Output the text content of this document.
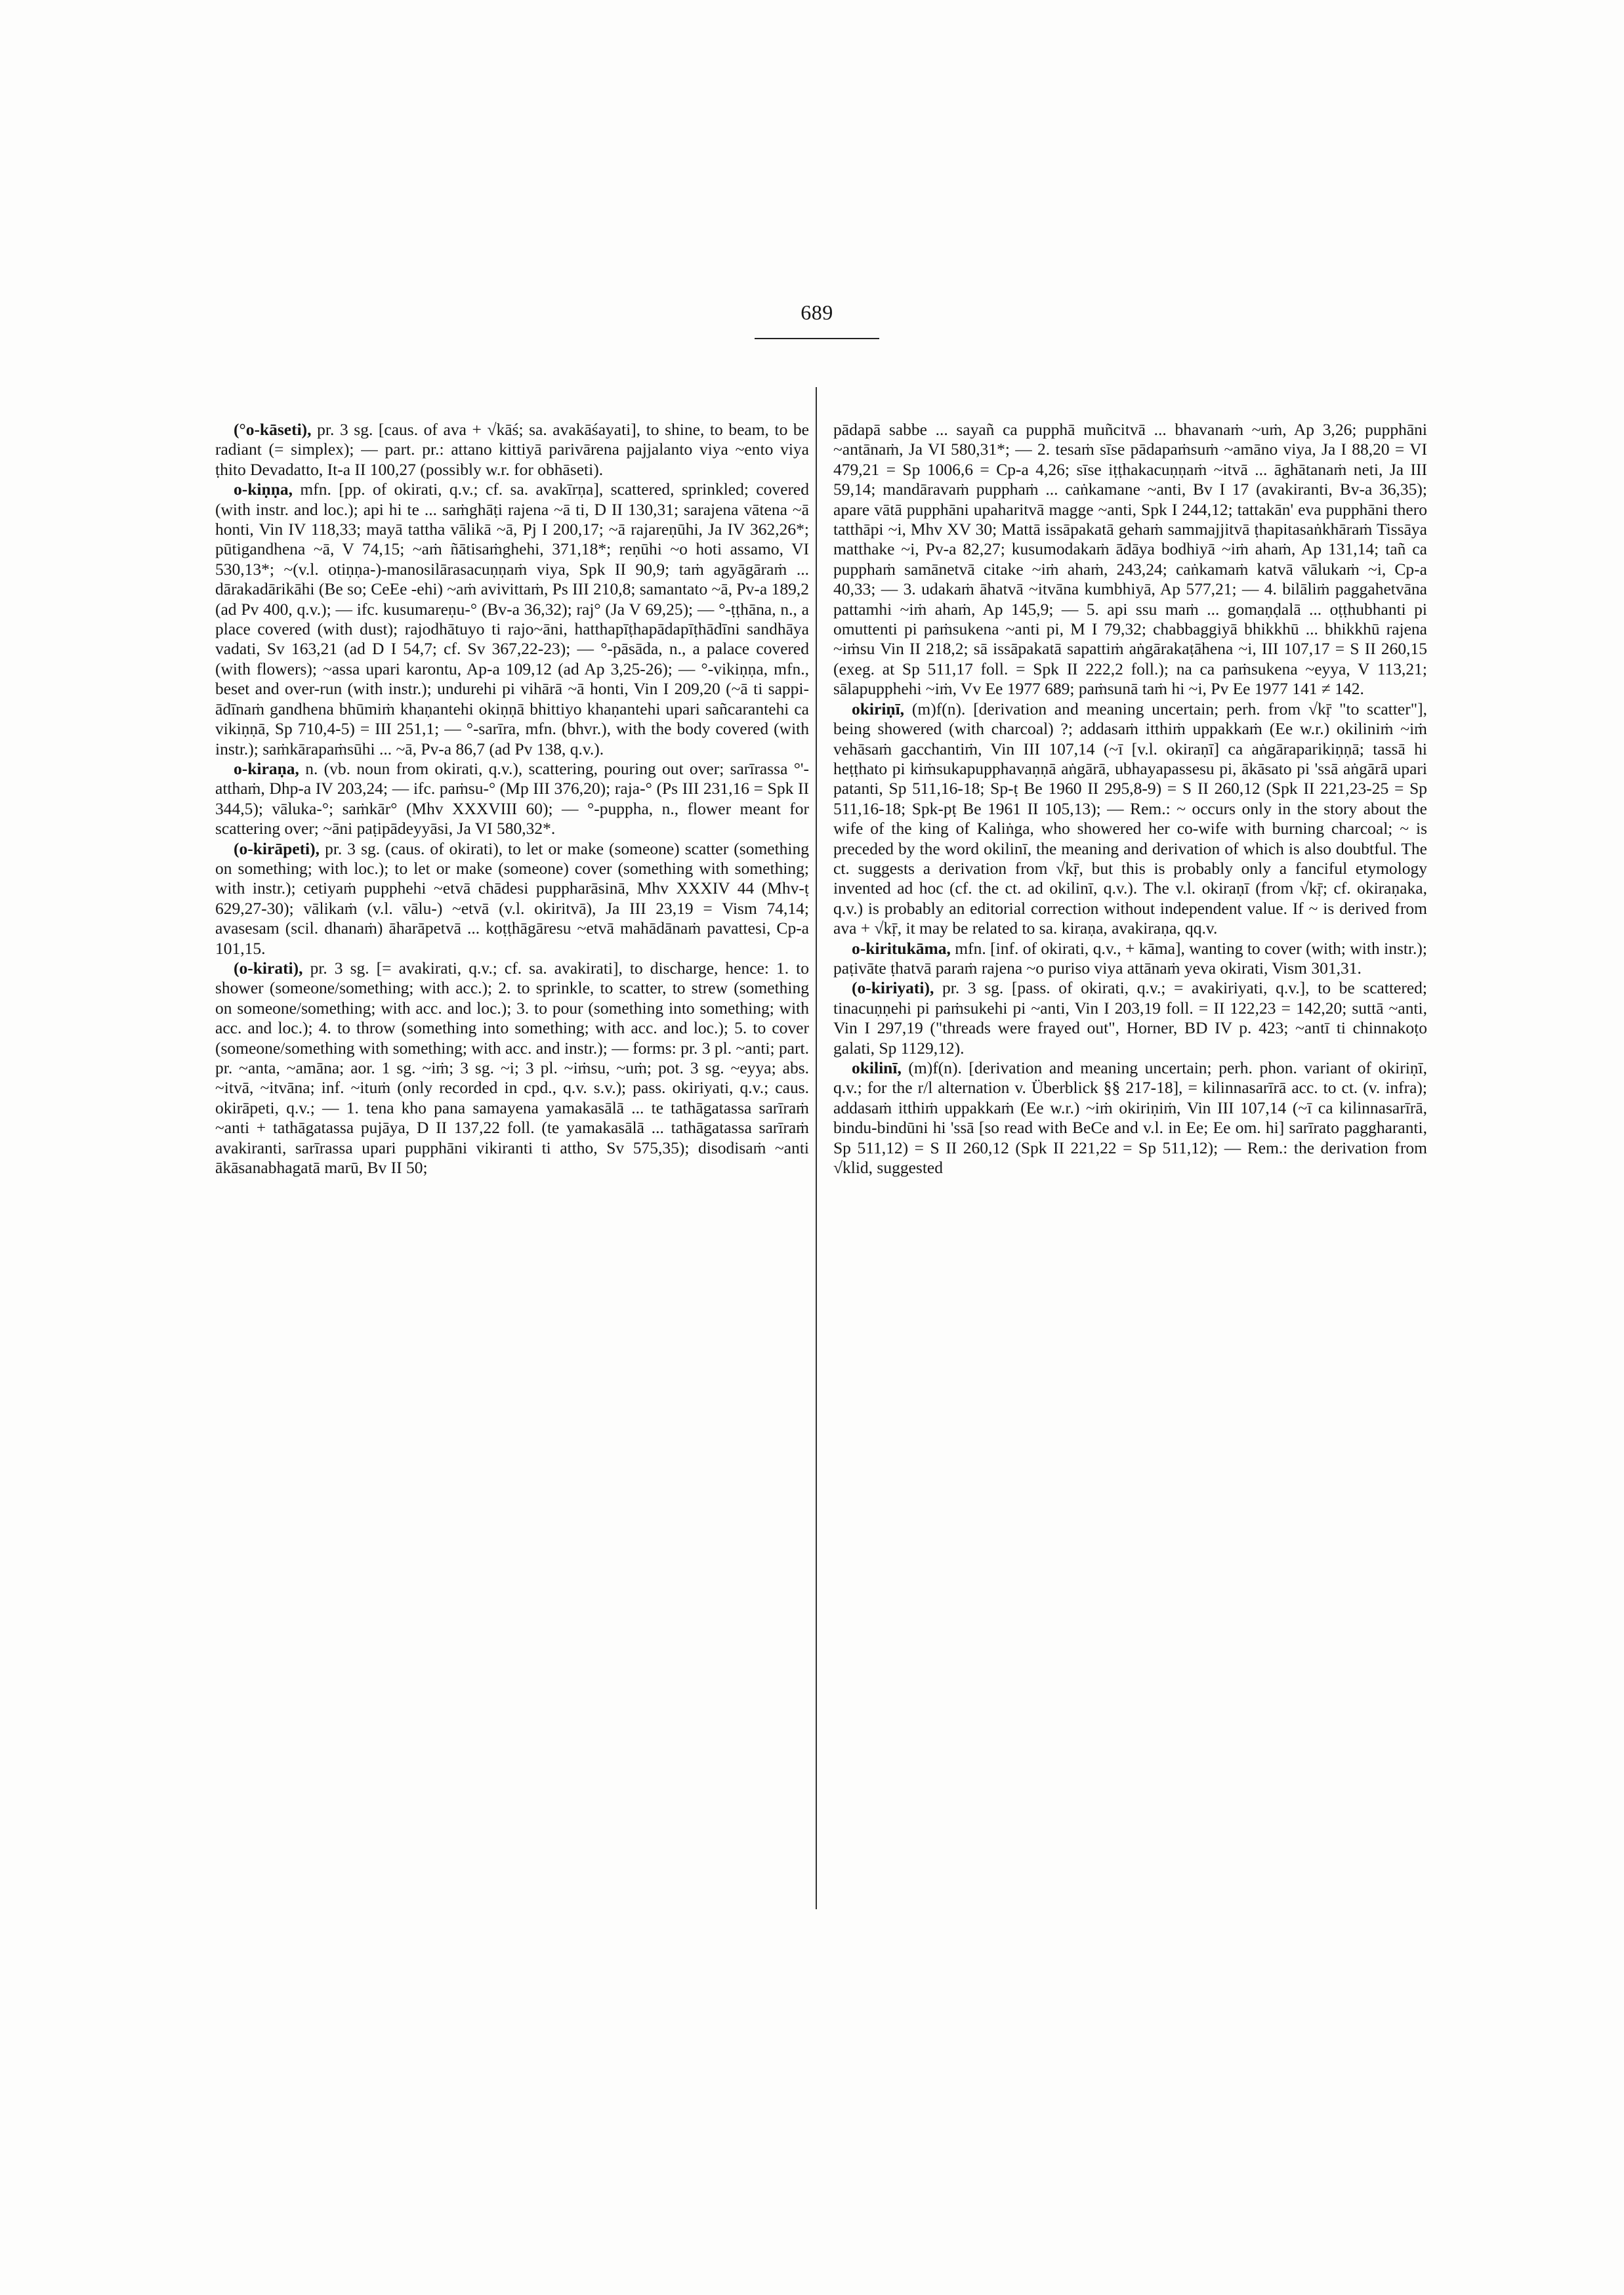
689

(°o-kāseti), pr. 3 sg. [caus. of ava + √kāś; sa. avakāśayati], to shine, to beam, to be radiant (= simplex); — part. pr.: attano kittiyā parivārena pajjalanto viya ~ento viya ṭhito Devadatto, It-a II 100,27 (possibly w.r. for obhāseti).

o-kiṇṇa, mfn. [pp. of okirati, q.v.; cf. sa. avakīrṇa], scattered, sprinkled; covered (with instr. and loc.); api hi te ... saṁghāṭi rajena ~ā ti, D II 130,31; sarajena vātena ~ā honti, Vin IV 118,33; mayā tattha vālikā ~ā, Pj I 200,17; ~ā rajareṇūhi, Ja IV 362,26*; pūtigandhena ~ā, V 74,15; ~aṁ ñātisaṁghehi, 371,18*; reṇūhi ~o hoti assamo, VI 530,13*; ~(v.l. otiṇṇa-)-manosilārasacuṇṇaṁ viya, Spk II 90,9; taṁ agyāgāraṁ ... dārakadārikāhi (Be so; CeEe -ehi) ~aṁ avivittaṁ, Ps III 210,8; samantato ~ā, Pv-a 189,2 (ad Pv 400, q.v.); — ifc. kusumareṇu-° (Bv-a 36,32); raj° (Ja V 69,25); — °-ṭṭhāna, n., a place covered (with dust); rajodhātuyo ti rajo~āni, hatthapīṭhapādapīṭhādīni sandhāya vadati, Sv 163,21 (ad D I 54,7; cf. Sv 367,22-23); — °-pāsāda, n., a palace covered (with flowers); ~assa upari karontu, Ap-a 109,12 (ad Ap 3,25-26); — °-vikiṇṇa, mfn., beset and over-run (with instr.); undurehi pi vihārā ~ā honti, Vin I 209,20 (~ā ti sappi-ādīnaṁ gandhena bhūmiṁ khaṇantehi okiṇṇā bhittiyo khaṇantehi upari sañcarantehi ca vikiṇṇā, Sp 710,4-5) = III 251,1; — °-sarīra, mfn. (bhvr.), with the body covered (with instr.); saṁkārapaṁsūhi ... ~ā, Pv-a 86,7 (ad Pv 138, q.v.).

o-kiraṇa, n. (vb. noun from okirati, q.v.), scattering, pouring out over; sarīrassa °'-atthaṁ, Dhp-a IV 203,24; — ifc. paṁsu-° (Mp III 376,20); raja-° (Ps III 231,16 = Spk II 344,5); vāluka-°; saṁkār° (Mhv XXXVIII 60); — °-puppha, n., flower meant for scattering over; ~āni paṭipādeyyāsi, Ja VI 580,32*.

(o-kirāpeti), pr. 3 sg. (caus. of okirati), to let or make (someone) scatter (something on something; with loc.); to let or make (someone) cover (something with something; with instr.); cetiyaṁ pupphehi ~etvā chādesi puppharāsinā, Mhv XXXIV 44 (Mhv-ṭ 629,27-30); vālikaṁ (v.l. vālu-) ~etvā (v.l. okiritvā), Ja III 23,19 = Vism 74,14; avasesam (scil. dhanaṁ) āharāpetvā ... koṭṭhāgāresu ~etvā mahādānaṁ pavattesi, Cp-a 101,15.

(o-kirati), pr. 3 sg. [= avakirati, q.v.; cf. sa. avakirati], to discharge, hence: 1. to shower (someone/something; with acc.); 2. to sprinkle, to scatter, to strew (something on someone/something; with acc. and loc.); 3. to pour (something into something; with acc. and loc.); 4. to throw (something into something; with acc. and loc.); 5. to cover (someone/something with something; with acc. and instr.); — forms: pr. 3 pl. ~anti; part. pr. ~anta, ~amāna; aor. 1 sg. ~iṁ; 3 sg. ~i; 3 pl. ~iṁsu, ~uṁ; pot. 3 sg. ~eyya; abs. ~itvā, ~itvāna; inf. ~ituṁ (only recorded in cpd., q.v. s.v.); pass. okiriyati, q.v.; caus. okirāpeti, q.v.; — 1. tena kho pana samayena yamakasālā ... te tathāgatassa sarīraṁ ~anti + tathāgatassa pujāya, D II 137,22 foll. (te yamakasālā ... tathāgatassa sarīraṁ avakiranti, sarīrassa upari pupphāni vikiranti ti attho, Sv 575,35); disodisaṁ ~anti ākāsanabhagatā marū, Bv II 50;

pādapā sabbe ... sayañ ca pupphā muñcitvā ... bhavanaṁ ~uṁ, Ap 3,26; pupphāni ~antānaṁ, Ja VI 580,31*; — 2. tesaṁ sīse pādapaṁsuṁ ~amāno viya, Ja I 88,20 = VI 479,21 = Sp 1006,6 = Cp-a 4,26; sīse iṭṭhakacuṇṇaṁ ~itvā ... āghātanaṁ neti, Ja III 59,14; mandāravaṁ pupphaṁ ... caṅkamane ~anti, Bv I 17 (avakiranti, Bv-a 36,35); apare vātā pupphāni upaharitvā magge ~anti, Spk I 244,12; tattakān' eva pupphāni thero tatthāpi ~i, Mhv XV 30; Mattā issāpakatā gehaṁ sammajjitvā ṭhapitasaṅkhāraṁ Tissāya matthake ~i, Pv-a 82,27; kusumodakaṁ ādāya bodhiyā ~iṁ ahaṁ, Ap 131,14; tañ ca pupphaṁ samānetvā citake ~iṁ ahaṁ, 243,24; caṅkamaṁ katvā vālukaṁ ~i, Cp-a 40,33; — 3. udakaṁ āhatvā ~itvāna kumbhiyā, Ap 577,21; — 4. bilāliṁ paggahetvāna pattamhi ~iṁ ahaṁ, Ap 145,9; — 5. api ssu maṁ ... gomaṇḍalā ... oṭṭhubhanti pi omuttenti pi paṁsukena ~anti pi, M I 79,32; chabbaggiyā bhikkhū ... bhikkhū rajena ~iṁsu Vin II 218,2; sā issāpakatā sapattiṁ aṅgārakaṭāhena ~i, III 107,17 = S II 260,15 (exeg. at Sp 511,17 foll. = Spk II 222,2 foll.); na ca paṁsukena ~eyya, V 113,21; sālapupphehi ~iṁ, Vv Ee 1977 689; paṁsunā taṁ hi ~i, Pv Ee 1977 141 ≠ 142.

okiriṇī, (m)f(n). [derivation and meaning uncertain; perh. from √kṝ "to scatter"], being showered (with charcoal) ?; addasaṁ itthiṁ uppakkaṁ (Ee w.r.) okiliniṁ ~iṁ vehāsaṁ gacchantiṁ, Vin III 107,14 (~ī [v.l. okiraṇī] ca aṅgāraparikiṇṇā; tassā hi heṭṭhato pi kiṁsukapupphavaṇṇā aṅgārā, ubhayapassesu pi, ākāsato pi 'ssā aṅgārā upari patanti, Sp 511,16-18; Sp-ṭ Be 1960 II 295,8-9) = S II 260,12 (Spk II 221,23-25 = Sp 511,16-18; Spk-pṭ Be 1961 II 105,13); — Rem.: ~ occurs only in the story about the wife of the king of Kaliṅga, who showered her co-wife with burning charcoal; ~ is preceded by the word okilinī, the meaning and derivation of which is also doubtful. The ct. suggests a derivation from √kṝ, but this is probably only a fanciful etymology invented ad hoc (cf. the ct. ad okilinī, q.v.). The v.l. okiraṇī (from √kṝ; cf. okiraṇaka, q.v.) is probably an editorial correction without independent value. If ~ is derived from ava + √kṝ, it may be related to sa. kiraṇa, avakiraṇa, qq.v.

o-kiritukāma, mfn. [inf. of okirati, q.v., + kāma], wanting to cover (with; with instr.); paṭivāte ṭhatvā paraṁ rajena ~o puriso viya attānaṁ yeva okirati, Vism 301,31.

(o-kiriyati), pr. 3 sg. [pass. of okirati, q.v.; = avakiriyati, q.v.], to be scattered; tinacuṇṇehi pi paṁsukehi pi ~anti, Vin I 203,19 foll. = II 122,23 = 142,20; suttā ~anti, Vin I 297,19 ("threads were frayed out", Horner, BD IV p. 423; ~antī ti chinnakoṭo galati, Sp 1129,12).

okilinī, (m)f(n). [derivation and meaning uncertain; perh. phon. variant of okiriṇī, q.v.; for the r/l alternation v. Überblick §§ 217-18], = kilinnasarīrā acc. to ct. (v. infra); addasaṁ itthiṁ uppakkaṁ (Ee w.r.) ~iṁ okiriṇiṁ, Vin III 107,14 (~ī ca kilinnasarīrā, bindu-bindūni hi 'ssā [so read with BeCe and v.l. in Ee; Ee om. hi] sarīrato paggharanti, Sp 511,12) = S II 260,12 (Spk II 221,22 = Sp 511,12); — Rem.: the derivation from √klid, suggested
